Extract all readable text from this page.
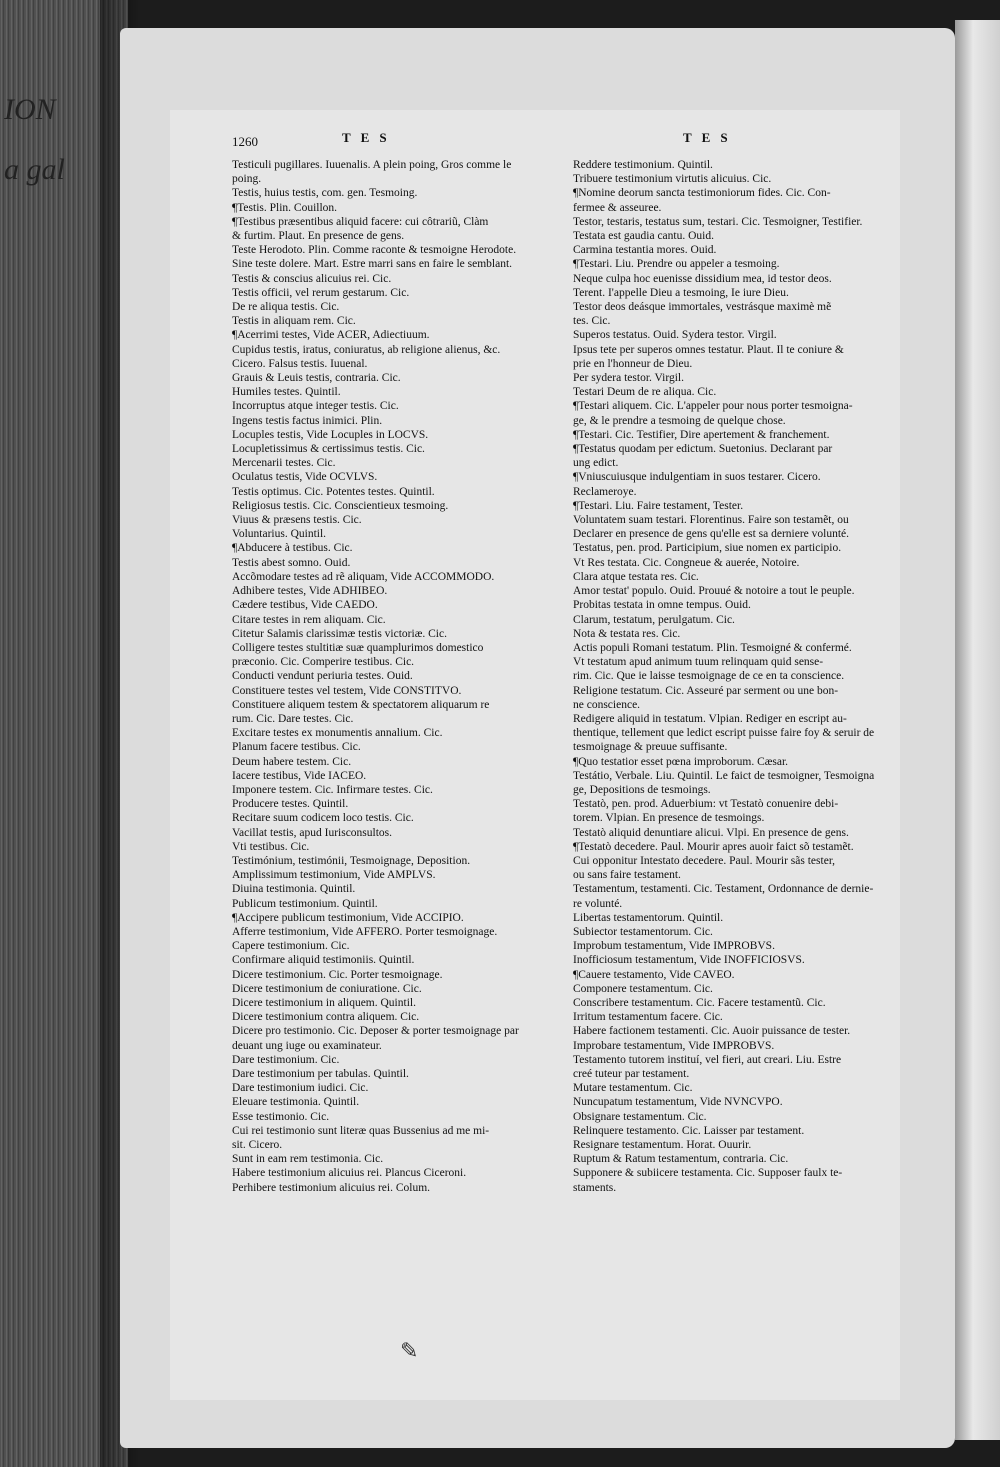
ION
a gal
1260	TES	TES
Testiculi pugillares. Iuuenalis. A plein poing, Gros comme le
poing.
Testis, huius testis, com. gen. Tesmoing.
¶Testis. Plin. Couillon.
¶Testibus præsentibus aliquid facere: cui côtrariũ, Clàm
& furtim. Plaut. En presence de gens.
Teste Herodoto. Plin. Comme raconte & tesmoigne Herodote.
Sine teste dolere. Mart. Estre marri sans en faire le semblant.
Testis & conscius alicuius rei. Cic.
Testis officii, vel rerum gestarum. Cic.
De re aliqua testis. Cic.
Testis in aliquam rem. Cic.
¶Acerrimi testes, Vide ACER, Adiectiuum.
Cupidus testis, iratus, coniuratus, ab religione alienus, &c.
Cicero. Falsus testis. Iuuenal.
Grauis & Leuis testis, contraria. Cic.
Humiles testes. Quintil.
Incorruptus atque integer testis. Cic.
Ingens testis factus inimici. Plin.
Locuples testis, Vide Locuples in LOCVS.
Locupletissimus & certissimus testis. Cic.
Mercenarii testes. Cic.
Oculatus testis, Vide OCVLVS.
Testis optimus. Cic. Potentes testes. Quintil.
Religiosus testis. Cic. Conscientieux tesmoing.
Viuus & præsens testis. Cic.
Voluntarius. Quintil.
¶Abducere à testibus. Cic.
Testis abest somno. Ouid.
Accõmodare testes ad rẽ aliquam, Vide ACCOMMODO.
Adhibere testes, Vide ADHIBEO.
Cædere testibus, Vide CAEDO.
Citare testes in rem aliquam. Cic.
Citetur Salamis clarissimæ testis victoriæ. Cic.
Colligere testes stultitiæ suæ quamplurimos domestico
præconio. Cic. Comperire testibus. Cic.
Conducti vendunt periuria testes. Ouid.
Constituere testes vel testem, Vide CONSTITVO.
Constituere aliquem testem & spectatorem aliquarum re
rum. Cic. Dare testes. Cic.
Excitare testes ex monumentis annalium. Cic.
Planum facere testibus. Cic.
Deum habere testem. Cic.
Iacere testibus, Vide IACEO.
Imponere testem. Cic. Infirmare testes. Cic.
Producere testes. Quintil.
Recitare suum codicem loco testis. Cic.
Vacillat testis, apud Iurisconsultos.
Vti testibus. Cic.
Testimónium, testimónii, Tesmoignage, Deposition.
Amplissimum testimonium, Vide AMPLVS.
Diuina testimonia. Quintil.
Publicum testimonium. Quintil.
¶Accipere publicum testimonium, Vide ACCIPIO.
Afferre testimonium, Vide AFFERO. Porter tesmoignage.
Capere testimonium. Cic.
Confirmare aliquid testimoniis. Quintil.
Dicere testimonium. Cic. Porter tesmoignage.
Dicere testimonium de coniuratione. Cic.
Dicere testimonium in aliquem. Quintil.
Dicere testimonium contra aliquem. Cic.
Dicere pro testimonio. Cic. Deposer & porter tesmoignage par
deuant ung iuge ou examinateur.
Dare testimonium. Cic.
Dare testimonium per tabulas. Quintil.
Dare testimonium iudici. Cic.
Eleuare testimonia. Quintil.
Esse testimonio. Cic.
Cui rei testimonio sunt literæ quas Bussenius ad me mi-
sit. Cicero.
Sunt in eam rem testimonia. Cic.
Habere testimonium alicuius rei. Plancus Ciceroni.
Perhibere testimonium alicuius rei. Colum.
Reddere testimonium. Quintil.
Tribuere testimonium virtutis alicuius. Cic.
¶Nomine deorum sancta testimoniorum fides. Cic. Con-
fermee & asseuree.
Testor, testaris, testatus sum, testari. Cic. Tesmoigner, Testifier.
Testata est gaudia cantu. Ouid.
Carmina testantia mores. Ouid.
¶Testari. Liu. Prendre ou appeler a tesmoing.
Neque culpa hoc euenisse dissidium mea, id testor deos.
Terent. I'appelle Dieu a tesmoing, Ie iure Dieu.
Testor deos deásque immortales, vestrásque maximè mẽ
tes. Cic.
Superos testatus. Ouid. Sydera testor. Virgil.
Ipsus tete per superos omnes testatur. Plaut. Il te coniure &
prie en l'honneur de Dieu.
Per sydera testor. Virgil.
Testari Deum de re aliqua. Cic.
¶Testari aliquem. Cic. L'appeler pour nous porter tesmoigna-
ge, & le prendre a tesmoing de quelque chose.
¶Testari. Cic. Testifier, Dire apertement & franchement.
¶Testatus quodam per edictum. Suetonius. Declarant par
ung edict.
¶Vniuscuiusque indulgentiam in suos testarer. Cicero.
Reclameroye.
¶Testari. Liu. Faire testament, Tester.
Voluntatem suam testari. Florentinus. Faire son testamẽt, ou
Declarer en presence de gens qu'elle est sa derniere volunté.
Testatus, pen. prod. Participium, siue nomen ex participio.
Vt Res testata. Cic. Congneue & auerée, Notoire.
Clara atque testata res. Cic.
Amor testat' populo. Ouid. Prouué & notoire a tout le peuple.
Probitas testata in omne tempus. Ouid.
Clarum, testatum, perulgatum. Cic.
Nota & testata res. Cic.
Actis populi Romani testatum. Plin. Tesmoigné & confermé.
Vt testatum apud animum tuum relinquam quid sense-
rim. Cic. Que ie laisse tesmoignage de ce en ta conscience.
Religione testatum. Cic. Asseuré par serment ou une bon-
ne conscience.
Redigere aliquid in testatum. Vlpian. Rediger en escript au-
thentique, tellement que ledict escript puisse faire foy & seruir de
tesmoignage & preuue suffisante.
¶Quo testatior esset pœna improborum. Cæsar.
Testátio, Verbale. Liu. Quintil. Le faict de tesmoigner, Tesmoigna
ge, Depositions de tesmoings.
Testatò, pen. prod. Aduerbium: vt Testatò conuenire debi-
torem. Vlpian. En presence de tesmoings.
Testatò aliquid denuntiare alicui. Vlpi. En presence de gens.
¶Testatò decedere. Paul. Mourir apres auoir faict sõ testamẽt.
Cui opponitur Intestato decedere. Paul. Mourir sãs tester,
ou sans faire testament.
Testamentum, testamenti. Cic. Testament, Ordonnance de dernie-
re volunté.
Libertas testamentorum. Quintil.
Subiector testamentorum. Cic.
Improbum testamentum, Vide IMPROBVS.
Inofficiosum testamentum, Vide INOFFICIOSVS.
¶Cauere testamento, Vide CAVEO.
Componere testamentum. Cic.
Conscribere testamentum. Cic. Facere testamentũ. Cic.
Irritum testamentum facere. Cic.
Habere factionem testamenti. Cic. Auoir puissance de tester.
Improbare testamentum, Vide IMPROBVS.
Testamento tutorem instituí, vel fieri, aut creari. Liu. Estre
creé tuteur par testament.
Mutare testamentum. Cic.
Nuncupatum testamentum, Vide NVNCVPO.
Obsignare testamentum. Cic.
Relinquere testamento. Cic. Laisser par testament.
Resignare testamentum. Horat. Ouurir.
Ruptum & Ratum testamentum, contraria. Cic.
Supponere & subiicere testamenta. Cic. Supposer faulx te-
staments.
✎
